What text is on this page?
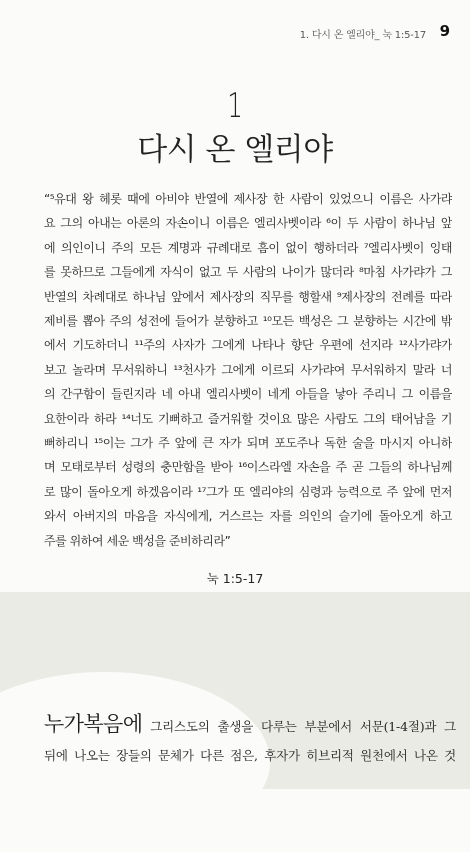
1. 다시 온 엘리야_ 눅 1:5-17 9
1
다시 온 엘리야
“⁵유대 왕 헤롯 때에 아비야 반열에 제사장 한 사람이 있었으니 이름은 사가랴
요 그의 아내는 아론의 자손이니 이름은 엘리사벳이라 ⁶이 두 사람이 하나님 앞
에 의인이니 주의 모든 계명과 규례대로 흠이 없이 행하더라 ⁷엘리사벳이 잉태
를 못하므로 그들에게 자식이 없고 두 사람의 나이가 많더라 ⁸마침 사가랴가 그
반열의 차례대로 하나님 앞에서 제사장의 직무를 행할새 ⁹제사장의 전례를 따라
제비를 뽑아 주의 성전에 들어가 분향하고 ¹⁰모든 백성은 그 분향하는 시간에 밖
에서 기도하더니 ¹¹주의 사자가 그에게 나타나 향단 우편에 선지라 ¹²사가랴가
보고 놀라며 무서워하니 ¹³천사가 그에게 이르되 사가랴여 무서워하지 말라 너
의 간구함이 들린지라 네 아내 엘리사벳이 네게 아들을 낳아 주리니 그 이름을
요한이라 하라 ¹⁴너도 기뻐하고 즐거워할 것이요 많은 사람도 그의 태어남을 기
뻐하리니 ¹⁵이는 그가 주 앞에 큰 자가 되며 포도주나 독한 술을 마시지 아니하
며 모태로부터 성령의 충만함을 받아 ¹⁶이스라엘 자손을 주 곧 그들의 하나님께
로 많이 돌아오게 하겠음이라 ¹⁷그가 또 엘리야의 심령과 능력으로 주 앞에 먼저
와서 아버지의 마음을 자식에게, 거스르는 자를 의인의 슬기에 돌아오게 하고
주를 위하여 세운 백성을 준비하리라”
눅 1:5-17
누가복음에 그리스도의 출생을 다루는 부분에서 서문(1-4절)과 그
뒤에 나오는 장들의 문체가 다른 점은, 후자가 히브리적 원천에서 나온 것
